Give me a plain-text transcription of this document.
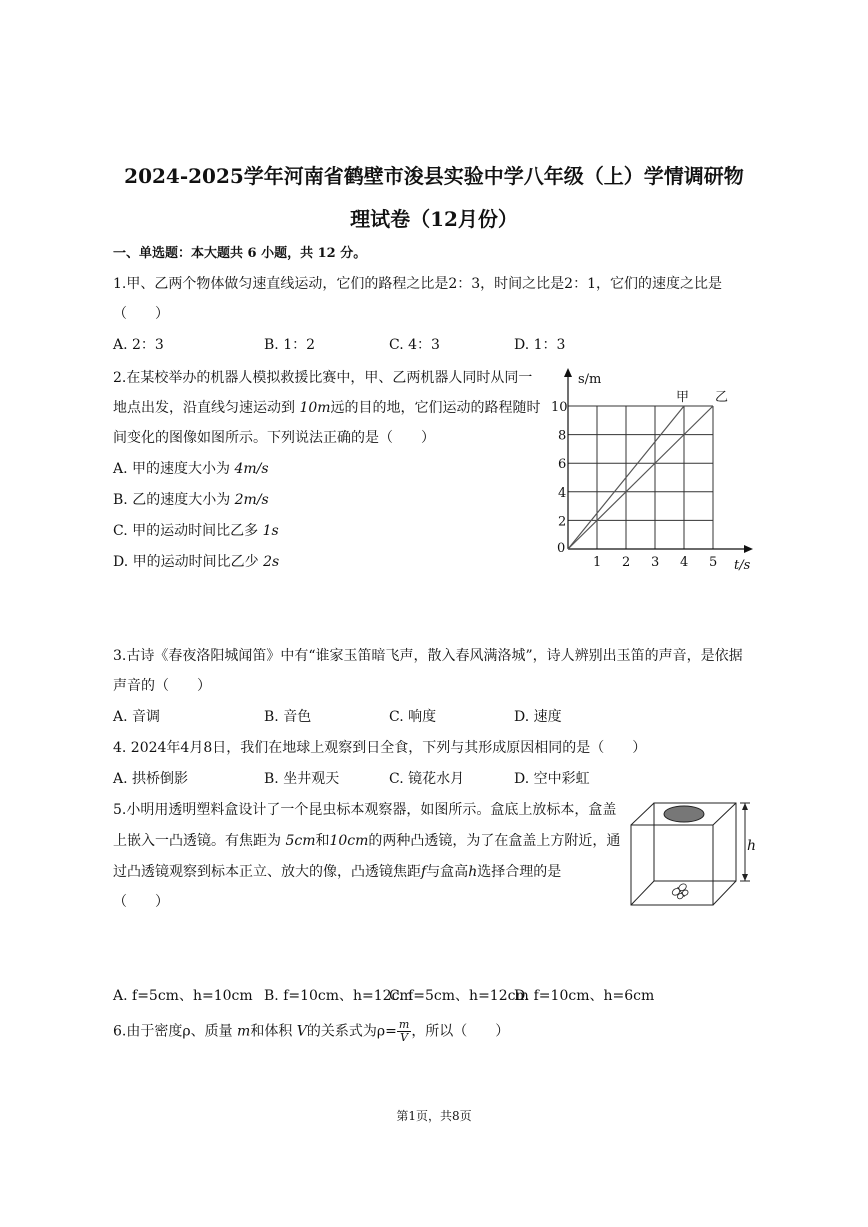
2024-2025学年河南省鹤壁市浚县实验中学八年级（上）学情调研物
理试卷（12月份）
一、单选题：本大题共 6 小题，共 12 分。
1.甲、乙两个物体做匀速直线运动，它们的路程之比是2：3，时间之比是2：1，它们的速度之比是
（　　）
A. 2：3	B. 1：2	C. 4：3	D. 1：3
2.在某校举办的机器人模拟救援比赛中，甲、乙两机器人同时从同一
地点出发，沿直线匀速运动到 10m远的目的地，它们运动的路程随时
间变化的图像如图所示。下列说法正确的是（　　）
A. 甲的速度大小为 4m/s
B. 乙的速度大小为 2m/s
C. 甲的运动时间比乙多 1s
D. 甲的运动时间比乙少 2s
甲 乙
1 2 3 4 5
2
4
6
8
10
0
s/m
t/s
3.古诗《春夜洛阳城闻笛》中有“谁家玉笛暗飞声，散入春风满洛城”，诗人辨别出玉笛的声音，是依据
声音的（　　）
A. 音调	B. 音色	C. 响度	D. 速度
4. 2024年4月8日，我们在地球上观察到日全食，下列与其形成原因相同的是（　　）
A. 拱桥倒影	B. 坐井观天	C. 镜花水月	D. 空中彩虹
5.小明用透明塑料盒设计了一个昆虫标本观察器，如图所示。盒底上放标本，盒盖
上嵌入一凸透镜。有焦距为 5cm和10cm的两种凸透镜，为了在盒盖上方附近，通
过凸透镜观察到标本正立、放大的像，凸透镜焦距f与盒高h选择合理的是
（　　）
h
A. f=5cm、h=10cm B. f=10cm、h=12cm
C. f=5cm、h=12cm
D. f=10cm、h=6cm
6.由于密度ρ、质量 m和体积 V的关系式为$\rho= \frac{m}{V}$ ，所以（　　）
第1页，共8页
